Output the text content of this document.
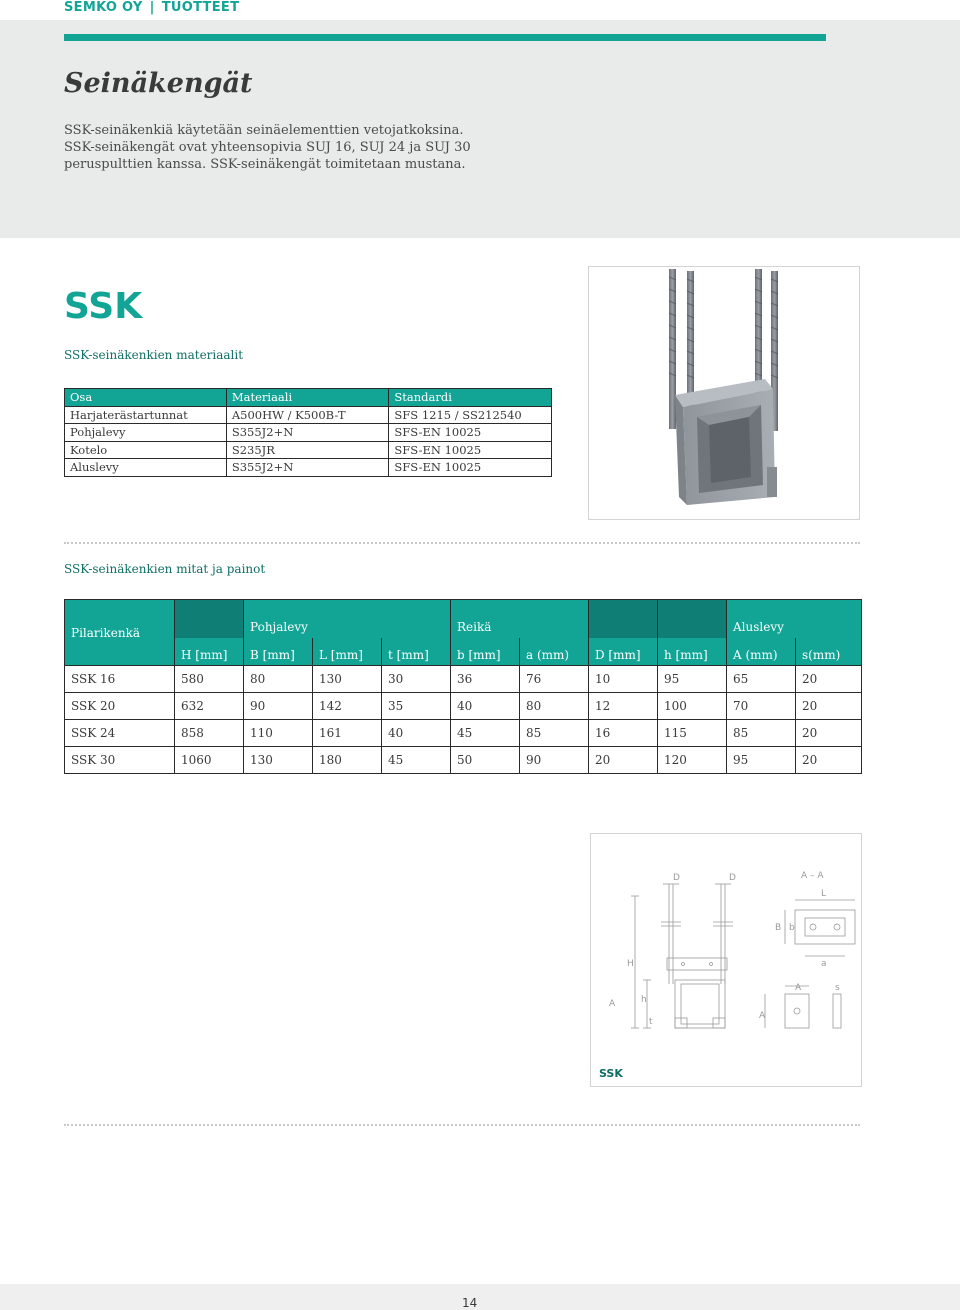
SEMKO OY | TUOTTEET
Seinäkengät
SSK-seinäkenkiä käytetään seinäelementtien vetojatkoksina.
SSK-seinäkengät ovat yhteensopivia SUJ 16, SUJ 24 ja SUJ 30
peruspulttien kanssa. SSK-seinäkengät toimitetaan mustana.
SSK
SSK-seinäkenkien materiaalit
Osa	Materiaali	Standardi
Harjaterästartunnat	A500HW / K500B-T	SFS 1215 / SS212540
Pohjalevy	S355J2+N	SFS-EN 10025
Kotelo	S235JR	SFS-EN 10025
Aluslevy	S355J2+N	SFS-EN 10025
SSK-seinäkenkien mitat ja painot
Pilarikenkä		Pohjalevy			Reikä				Aluslevy	
	H [mm]	B [mm]	L [mm]	t [mm]	b [mm]	a (mm)	D [mm]	h [mm]	A (mm)	s(mm)
SSK 16	580	80	130	30	36	76	10	95	65	20
SSK 20	632	90	142	35	40	80	12	100	70	20
SSK 24	858	110	161	40	45	85	16	115	85	20
SSK 30	1060	130	180	45	50	90	20	120	95	20
D	D	A – A
L
B b
a
H
h
A
A
A
s
t
SSK
14
